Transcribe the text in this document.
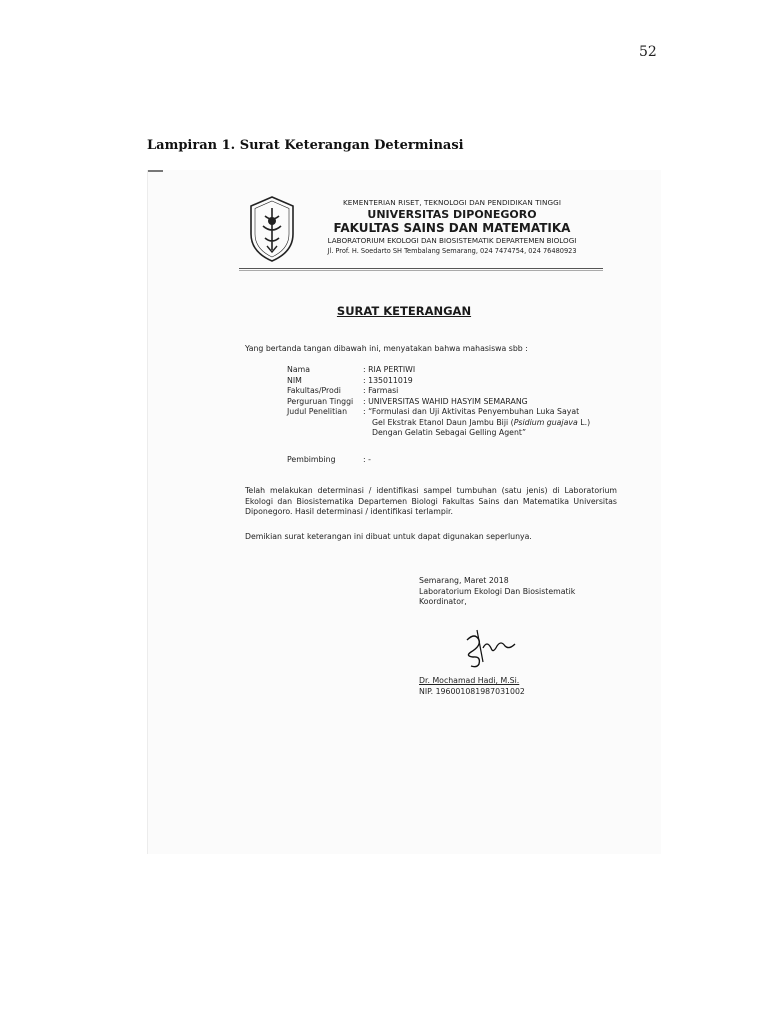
52
Lampiran 1. Surat Keterangan Determinasi
KEMENTERIAN RISET, TEKNOLOGI DAN PENDIDIKAN TINGGI
UNIVERSITAS DIPONEGORO
FAKULTAS SAINS DAN MATEMATIKA
LABORATORIUM EKOLOGI DAN BIOSISTEMATIK DEPARTEMEN BIOLOGI
Jl. Prof. H. Soedarto SH Tembalang Semarang, 024 7474754, 024 76480923
SURAT KETERANGAN
Yang bertanda tangan dibawah ini, menyatakan bahwa mahasiswa sbb :
Nama	: RIA PERTIWI
NIM	: 135011019
Fakultas/Prodi	: Farmasi
Perguruan Tinggi	: UNIVERSITAS WAHID HASYIM SEMARANG
Judul Penelitian	: “Formulasi dan Uji Aktivitas Penyembuhan Luka Sayat
Gel Ekstrak Etanol Daun Jambu Biji (Psidium guajava L.)
Dengan Gelatin Sebagai Gelling Agent”
Pembimbing	: -
Telah melakukan determinasi / identifikasi sampel tumbuhan (satu jenis) di Laboratorium Ekologi dan Biosistematika Departemen Biologi Fakultas Sains dan Matematika Universitas Diponegoro. Hasil determinasi / identifikasi terlampir.
Demikian surat keterangan ini dibuat untuk dapat digunakan seperlunya.
Semarang, Maret 2018
Laboratorium Ekologi Dan Biosistematik
Koordinator,
Dr. Mochamad Hadi, M.Si.
NIP. 196001081987031002
